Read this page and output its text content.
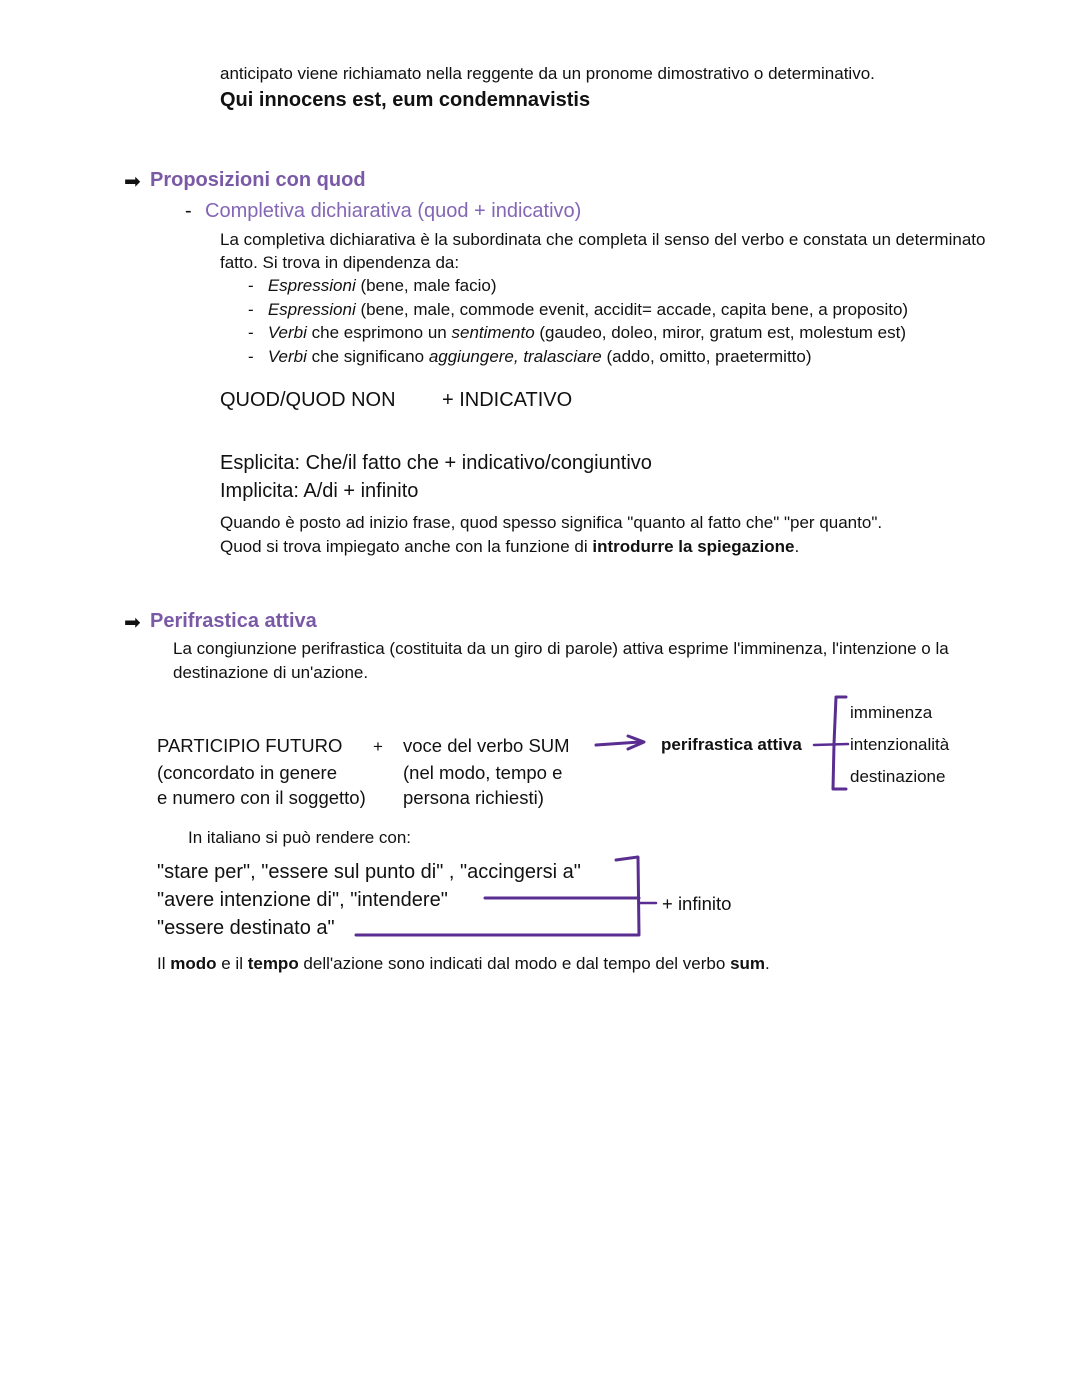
anticipato viene richiamato nella reggente da un pronome dimostrativo o determinativo.
Qui innocens est, eum condemnavistis
➡ Proposizioni con quod
- Completiva dichiarativa (quod + indicativo)
La completiva dichiarativa è la subordinata che completa il senso del verbo e constata un determinato
fatto. Si trova in dipendenza da:
- Espressioni (bene, male facio)
- Espressioni (bene, male, commode evenit, accidit= accade, capita bene, a proposito)
- Verbi che esprimono un sentimento (gaudeo, doleo, miror, gratum est, molestum est)
- Verbi che significano aggiungere, tralasciare (addo, omitto, praetermitto)
QUOD/QUOD NON + INDICATIVO
Esplicita: Che/il fatto che + indicativo/congiuntivo
Implicita: A/di + infinito
Quando è posto ad inizio frase, quod spesso significa "quanto al fatto che" "per quanto".
Quod si trova impiegato anche con la funzione di introdurre la spiegazione.
➡ Perifrastica attiva
La congiunzione perifrastica (costituita da un giro di parole) attiva esprime l'imminenza, l'intenzione o la
destinazione di un'azione.
PARTICIPIO FUTURO +
(concordato in genere
e numero con il soggetto)
voce del verbo SUM
(nel modo, tempo e
persona richiesti)
perifrastica attiva
imminenza
intenzionalità
destinazione
In italiano si può rendere con:
"stare per", "essere sul punto di" , "accingersi a"
"avere intenzione di", "intendere"
"essere destinato a"
+ infinito
Il modo e il tempo dell'azione sono indicati dal modo e dal tempo del verbo sum.
